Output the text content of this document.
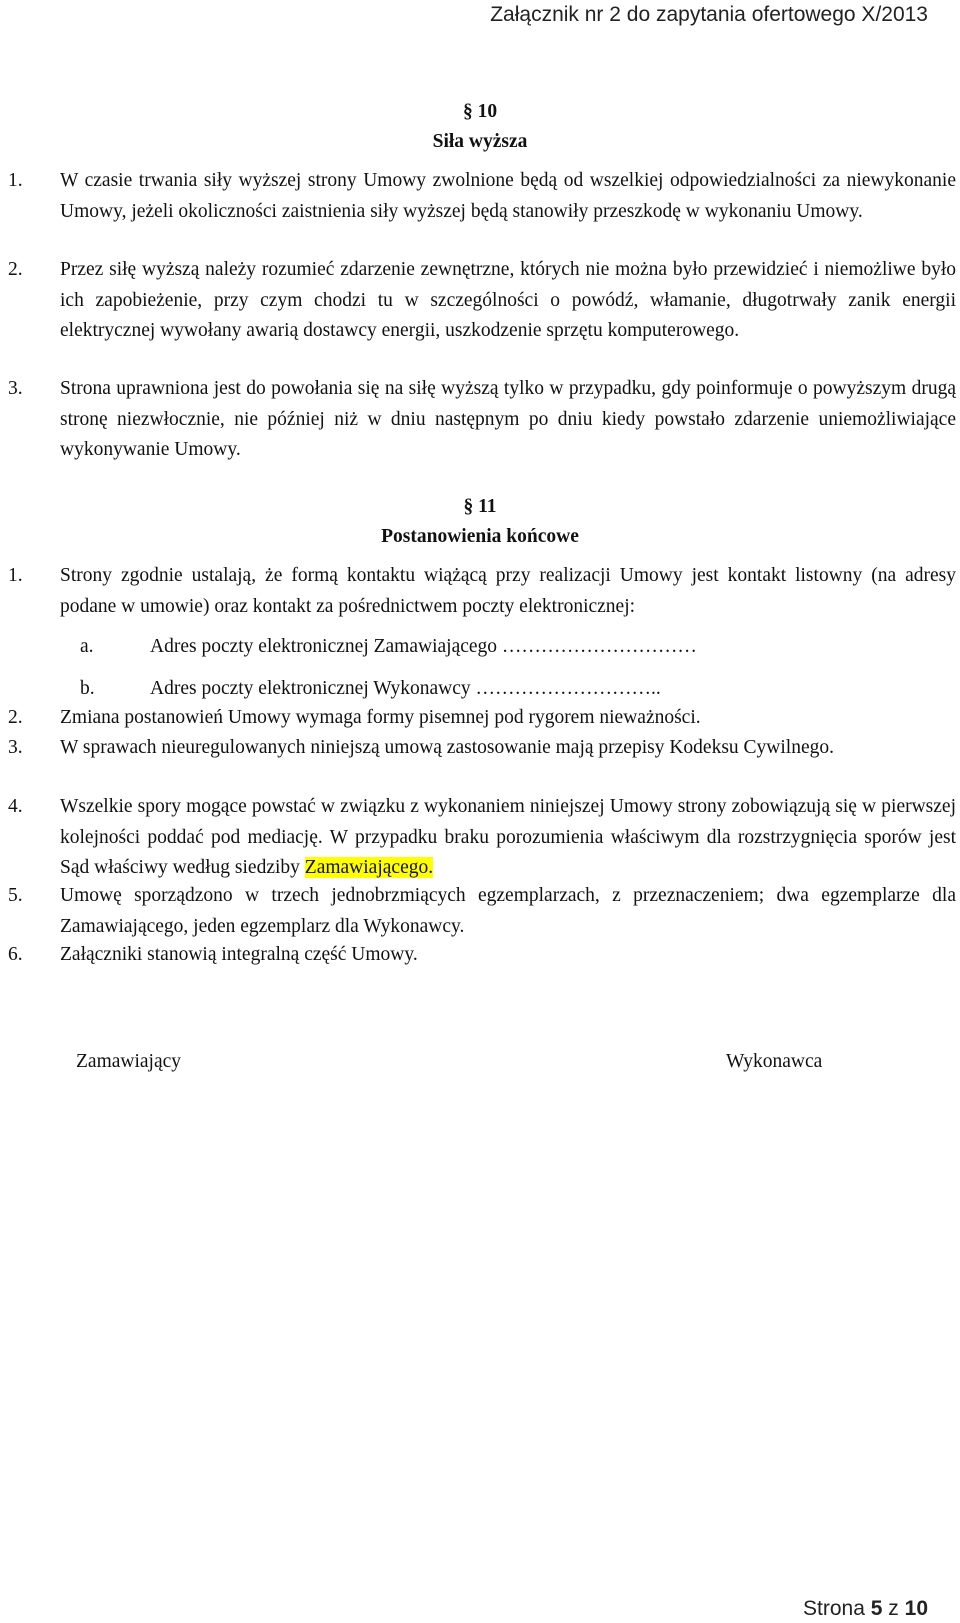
Załącznik nr 2 do zapytania ofertowego X/2013
§ 10
Siła wyższa
1. W czasie trwania siły wyższej strony Umowy zwolnione będą od wszelkiej odpowiedzialności za niewykonanie Umowy, jeżeli okoliczności zaistnienia siły wyższej będą stanowiły przeszkodę w wykonaniu Umowy.
2. Przez siłę wyższą należy rozumieć zdarzenie zewnętrzne, których nie można było przewidzieć i niemożliwe było ich zapobieżenie, przy czym chodzi tu w szczególności o powódź, włamanie, długotrwały zanik energii elektrycznej wywołany awarią dostawcy energii, uszkodzenie sprzętu komputerowego.
3. Strona uprawniona jest do powołania się na siłę wyższą tylko w przypadku, gdy poinformuje o powyższym drugą stronę niezwłocznie, nie później niż w dniu następnym po dniu kiedy powstało zdarzenie uniemożliwiające wykonywanie Umowy.
§ 11
Postanowienia końcowe
1. Strony zgodnie ustalają, że formą kontaktu wiążącą przy realizacji Umowy jest kontakt listowny (na adresy podane w umowie) oraz kontakt za pośrednictwem poczty elektronicznej:
a.	Adres poczty elektronicznej Zamawiającego …………………………
b.	Adres poczty elektronicznej Wykonawcy ………………………..
2. Zmiana postanowień Umowy wymaga formy pisemnej pod rygorem nieważności.
3. W sprawach nieuregulowanych niniejszą umową zastosowanie mają przepisy Kodeksu Cywilnego.
4. Wszelkie spory mogące powstać w związku z wykonaniem niniejszej Umowy strony zobowiązują się w pierwszej kolejności poddać pod mediację. W przypadku braku porozumienia właściwym dla rozstrzygnięcia sporów jest Sąd właściwy według siedziby Zamawiającego.
5. Umowę sporządzono w trzech jednobrzmiących egzemplarzach, z przeznaczeniem; dwa egzemplarze dla Zamawiającego, jeden egzemplarz dla Wykonawcy.
6. Załączniki stanowią integralną część Umowy.
Zamawiający	Wykonawca
Strona 5 z 10
